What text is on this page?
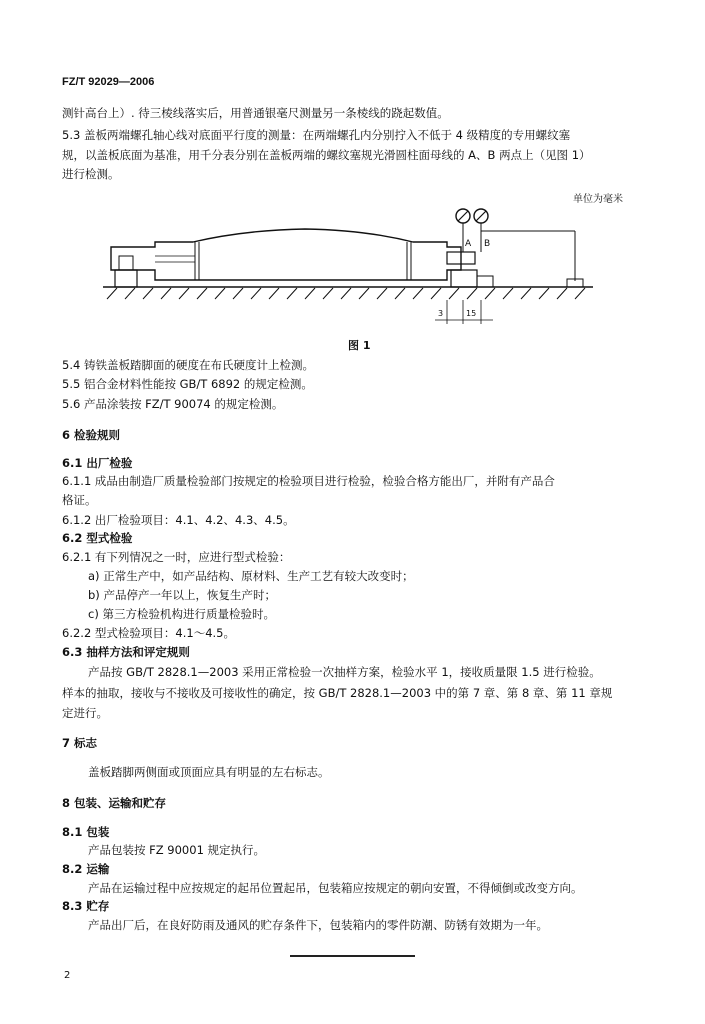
FZ/T 92029—2006
测针高台上）. 待三棱线落实后，用普通银毫尺测量另一条棱线的跷起数值。
5.3 盖板两端螺孔轴心线对底面平行度的测量：在两端螺孔内分别拧入不低于 4 级精度的专用螺纹塞
规，以盖板底面为基准，用千分表分别在盖板两端的螺纹塞规光滑圆柱面母线的 A、B 两点上（见图 1）
进行检测。
单位为毫米
A B
3	15
图 1
5.4 铸铁盖板踏脚面的硬度在布氏硬度计上检测。
5.5 铝合金材料性能按 GB/T 6892 的规定检测。
5.6 产品涂装按 FZ/T 90074 的规定检测。
6 检验规则
6.1 出厂检验
6.1.1 成品由制造厂质量检验部门按规定的检验项目进行检验，检验合格方能出厂，并附有产品合
格证。
6.1.2 出厂检验项目：4.1、4.2、4.3、4.5。
6.2 型式检验
6.2.1 有下列情况之一时，应进行型式检验：
a) 正常生产中，如产品结构、原材料、生产工艺有较大改变时；
b) 产品停产一年以上，恢复生产时；
c) 第三方检验机构进行质量检验时。
6.2.2 型式检验项目：4.1～4.5。
6.3 抽样方法和评定规则
产品按 GB/T 2828.1—2003 采用正常检验一次抽样方案，检验水平 1，接收质量限 1.5 进行检验。
样本的抽取，接收与不接收及可接收性的确定，按 GB/T 2828.1—2003 中的第 7 章、第 8 章、第 11 章规
定进行。
7 标志
盖板踏脚两侧面或顶面应具有明显的左右标志。
8 包装、运输和贮存
8.1 包装
产品包装按 FZ 90001 规定执行。
8.2 运输
产品在运输过程中应按规定的起吊位置起吊，包装箱应按规定的朝向安置，不得倾倒或改变方向。
8.3 贮存
产品出厂后，在良好防雨及通风的贮存条件下，包装箱内的零件防潮、防锈有效期为一年。
2
